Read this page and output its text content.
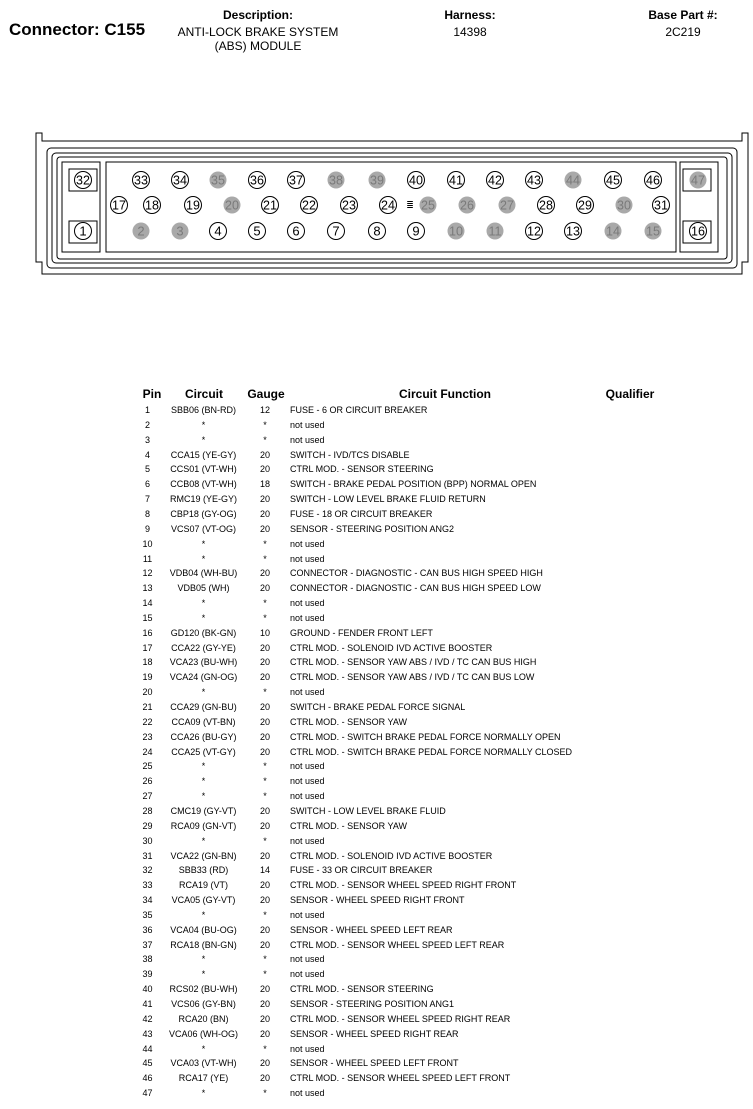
Connector: C155
Description:
ANTI-LOCK BRAKE SYSTEM
(ABS) MODULE
Harness:
14398
Base Part #:
2C219
≣
33 34 35 36 37 38 39 40 41 42 43 44 45 46
2 3 4 5 6	7	8 9 10 11 12 13 14 15
17 18 19 20 21 22 23 24 25 26 27 28 29 30 31
32
1
47
16
Pin	Circuit	Gauge	Circuit Function	Qualifier
1	SBB06 (BN-RD)	12	FUSE - 6 OR CIRCUIT BREAKER
2	*	*	not used
3	*	*	not used
4	CCA15 (YE-GY)	20	SWITCH - IVD/TCS DISABLE
5	CCS01 (VT-WH)	20	CTRL MOD. - SENSOR STEERING
6	CCB08 (VT-WH)	18	SWITCH - BRAKE PEDAL POSITION (BPP) NORMAL OPEN
7	RMC19 (YE-GY)	20	SWITCH - LOW LEVEL BRAKE FLUID RETURN
8	CBP18 (GY-OG)	20	FUSE - 18 OR CIRCUIT BREAKER
9	VCS07 (VT-OG)	20	SENSOR - STEERING POSITION ANG2
10	*	*	not used
11	*	*	not used
12	VDB04 (WH-BU)	20	CONNECTOR - DIAGNOSTIC - CAN BUS HIGH SPEED HIGH
13	VDB05 (WH)	20	CONNECTOR - DIAGNOSTIC - CAN BUS HIGH SPEED LOW
14	*	*	not used
15	*	*	not used
16	GD120 (BK-GN)	10	GROUND - FENDER FRONT LEFT
17	CCA22 (GY-YE)	20	CTRL MOD. - SOLENOID IVD ACTIVE BOOSTER
18	VCA23 (BU-WH)	20	CTRL MOD. - SENSOR YAW ABS / IVD / TC CAN BUS HIGH
19	VCA24 (GN-OG)	20	CTRL MOD. - SENSOR YAW ABS / IVD / TC CAN BUS LOW
20	*	*	not used
21	CCA29 (GN-BU)	20	SWITCH - BRAKE PEDAL FORCE SIGNAL
22	CCA09 (VT-BN)	20	CTRL MOD. - SENSOR YAW
23	CCA26 (BU-GY)	20	CTRL MOD. - SWITCH BRAKE PEDAL FORCE NORMALLY OPEN
24	CCA25 (VT-GY)	20	CTRL MOD. - SWITCH BRAKE PEDAL FORCE NORMALLY CLOSED
25	*	*	not used
26	*	*	not used
27	*	*	not used
28	CMC19 (GY-VT)	20	SWITCH - LOW LEVEL BRAKE FLUID
29	RCA09 (GN-VT)	20	CTRL MOD. - SENSOR YAW
30	*	*	not used
31	VCA22 (GN-BN)	20	CTRL MOD. - SOLENOID IVD ACTIVE BOOSTER
32	SBB33 (RD)	14	FUSE - 33 OR CIRCUIT BREAKER
33	RCA19 (VT)	20	CTRL MOD. - SENSOR WHEEL SPEED RIGHT FRONT
34	VCA05 (GY-VT)	20	SENSOR - WHEEL SPEED RIGHT FRONT
35	*	*	not used
36	VCA04 (BU-OG)	20	SENSOR - WHEEL SPEED LEFT REAR
37	RCA18 (BN-GN)	20	CTRL MOD. - SENSOR WHEEL SPEED LEFT REAR
38	*	*	not used
39	*	*	not used
40	RCS02 (BU-WH)	20	CTRL MOD. - SENSOR STEERING
41	VCS06 (GY-BN)	20	SENSOR - STEERING POSITION ANG1
42	RCA20 (BN)	20	CTRL MOD. - SENSOR WHEEL SPEED RIGHT REAR
43	VCA06 (WH-OG)	20	SENSOR - WHEEL SPEED RIGHT REAR
44	*	*	not used
45	VCA03 (VT-WH)	20	SENSOR - WHEEL SPEED LEFT FRONT
46	RCA17 (YE)	20	CTRL MOD. - SENSOR WHEEL SPEED LEFT FRONT
47	*	*	not used
